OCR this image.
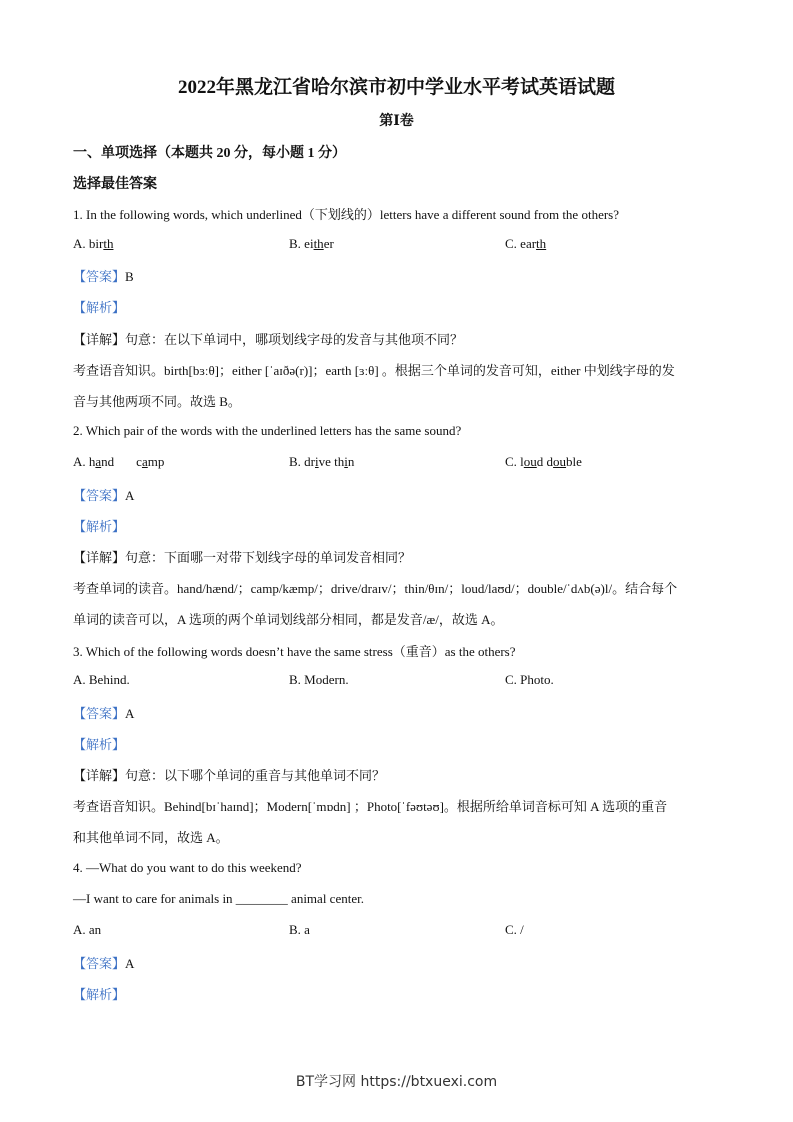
2022年黑龙江省哈尔滨市初中学业水平考试英语试题
第Ⅰ卷
一、单项选择（本题共 20 分，每小题 1 分）
选择最佳答案
1. In the following words, which underlined（下划线的）letters have a different sound from the others?
A. birth	B. either	C. earth
【答案】B
【解析】
【详解】句意：在以下单词中，哪项划线字母的发音与其他项不同？
考查语音知识。birth[bɜːθ]；either [ˈaɪðə(r)]；earth [ɜːθ] 。根据三个单词的发音可知，either 中划线字母的发
音与其他两项不同。故选 B。
2. Which pair of the words with the underlined letters has the same sound?
A. hand camp	B. drive thin	C. loud double
【答案】A
【解析】
【详解】句意：下面哪一对带下划线字母的单词发音相同？
考查单词的读音。hand/hænd/；camp/kæmp/；drive/draɪv/；thin/θɪn/；loud/laʊd/；double/ˈdʌb(ə)l/。结合每个
单词的读音可以，A 选项的两个单词划线部分相同，都是发音/æ/，故选 A。
3. Which of the following words doesn’t have the same stress（重音）as the others?
A. Behind.	B. Modern.	C. Photo.
【答案】A
【解析】
【详解】句意：以下哪个单词的重音与其他单词不同？
考查语音知识。Behind[bɪˈhaɪnd]；Modern[ˈmɒdn] ；Photo[ˈfəʊtəʊ]。根据所给单词音标可知 A 选项的重音
和其他单词不同，故选 A。
4. —What do you want to do this weekend?
—I want to care for animals in ________ animal center.
A. an	B. a	C. /
【答案】A
【解析】
BT学习网 https://btxuexi.com
